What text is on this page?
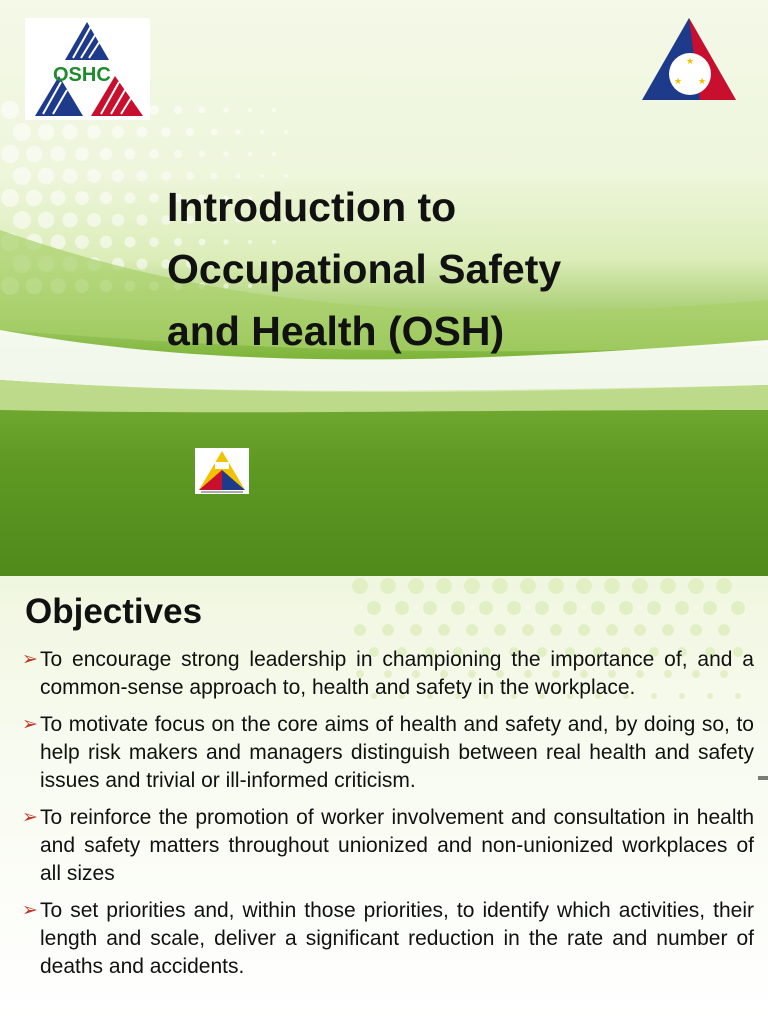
OSHC
★
★ ★
Introduction to
Occupational Safety
and Health (OSH)
Objectives
➢ To encourage strong leadership in championing the importance of, and a common-sense approach to, health and safety in the workplace.
➢ To motivate focus on the core aims of health and safety and, by doing so, to help risk makers and managers distinguish between real health and safety issues and trivial or ill-informed criticism.
➢ To reinforce the promotion of worker involvement and consultation in health and safety matters throughout unionized and non-unionized workplaces of all sizes
➢ To set priorities and, within those priorities, to identify which activities, their length and scale, deliver a significant reduction in the rate and number of deaths and accidents.
